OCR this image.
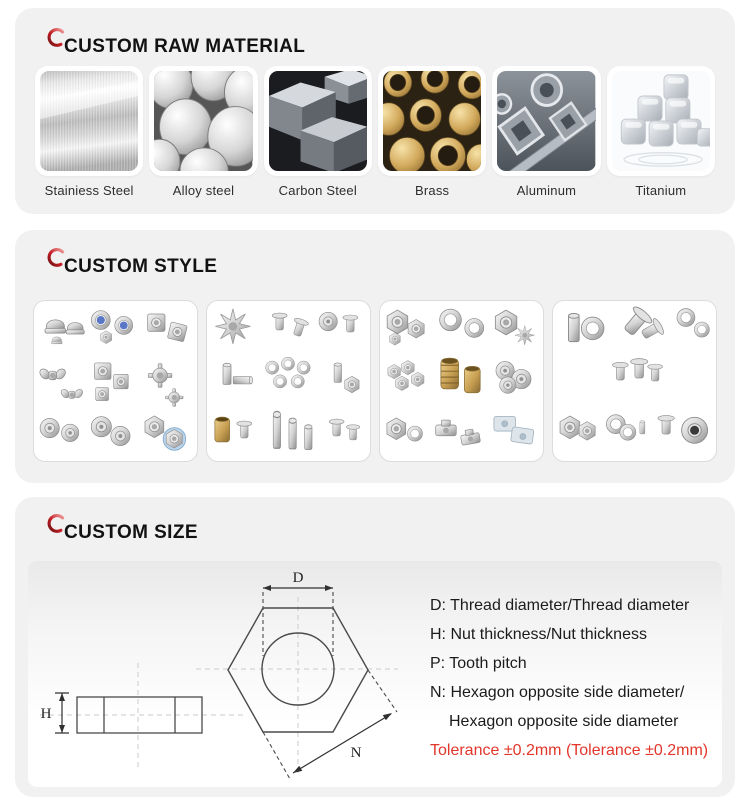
CUSTOM RAW MATERIAL
Stainiess Steel	Alloy steel	Carbon Steel	Brass	Aluminum	Titanium
CUSTOM STYLE
CUSTOM SIZE
D
H
N
D: Thread diameter/Thread diameter
H: Nut thickness/Nut thickness
P: Tooth pitch
N: Hexagon opposite side diameter/
Hexagon opposite side diameter
Tolerance ±0.2mm (Tolerance ±0.2mm)
